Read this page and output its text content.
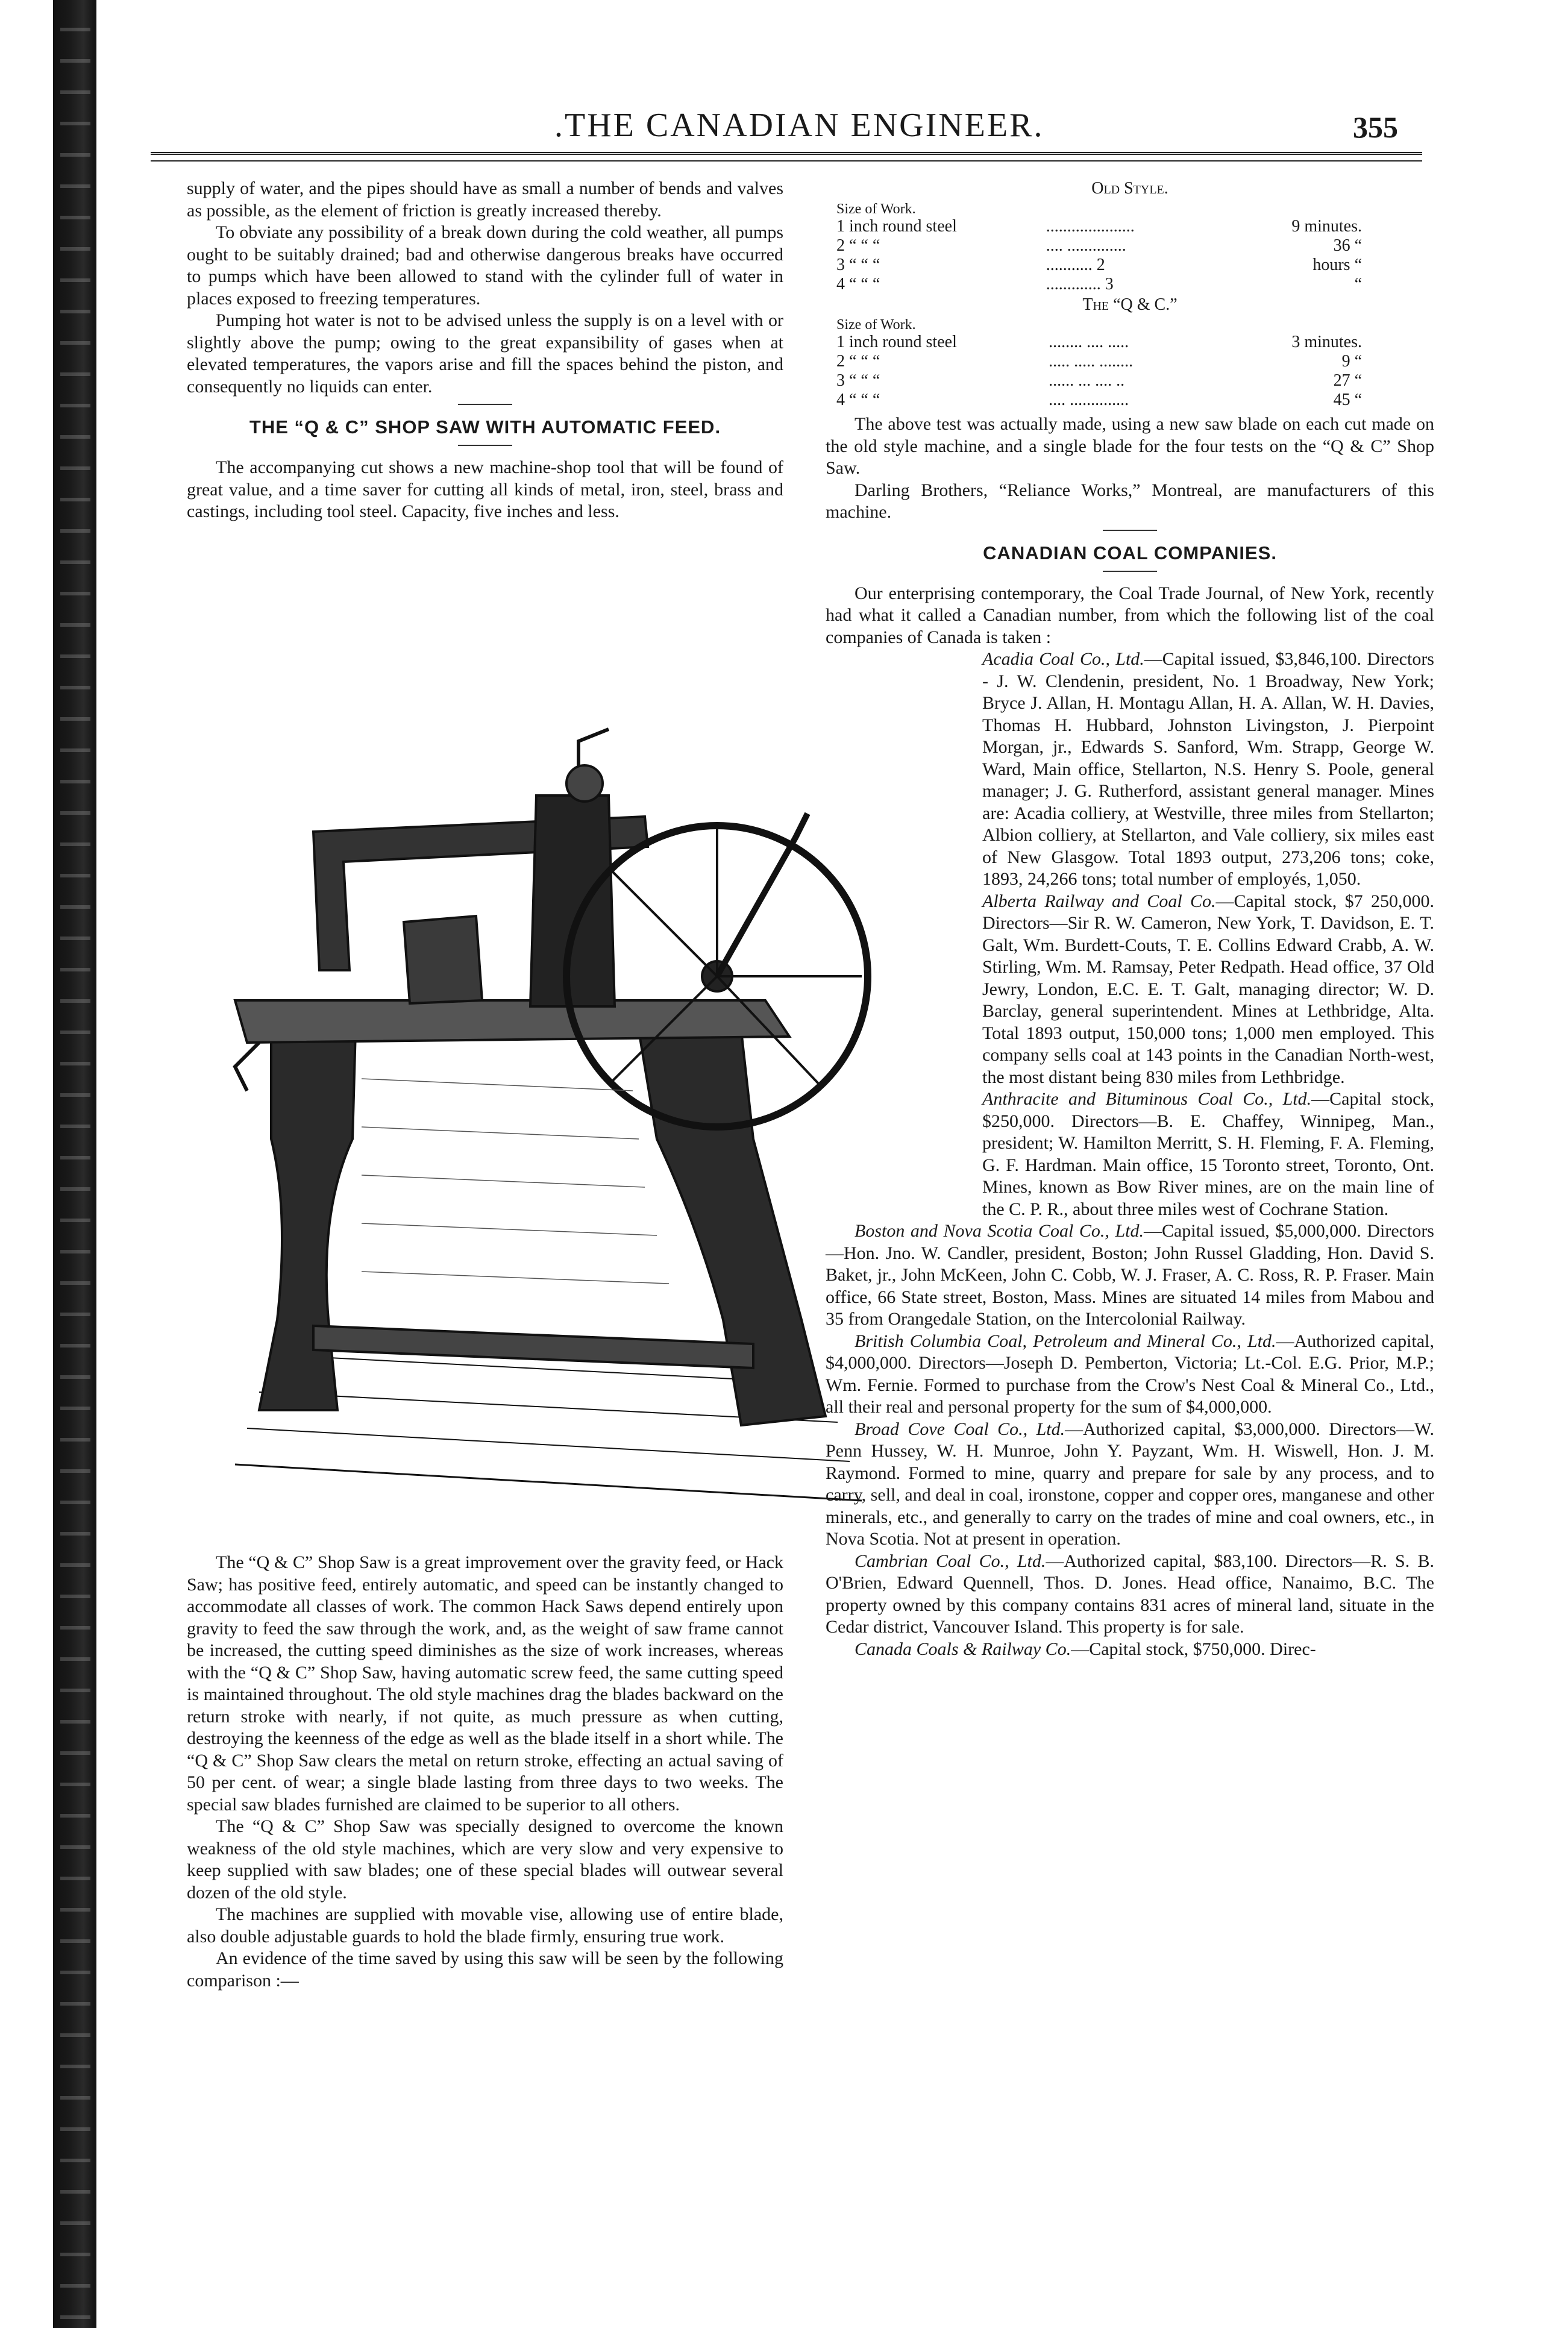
.THE CANADIAN ENGINEER.	355

supply of water, and the pipes should have as small a number of bends and valves as possible, as the element of friction is greatly increased thereby.

To obviate any possibility of a break down during the cold weather, all pumps ought to be suitably drained; bad and otherwise dangerous breaks have occurred to pumps which have been allowed to stand with the cylinder full of water in places exposed to freezing temperatures.

Pumping hot water is not to be advised unless the supply is on a level with or slightly above the pump; owing to the great expansibility of gases when at elevated temperatures, the vapors arise and fill the spaces behind the piston, and consequently no liquids can enter.

THE “Q & C” SHOP SAW WITH AUTOMATIC FEED.

The accompanying cut shows a new machine-shop tool that will be found of great value, and a time saver for cutting all kinds of metal, iron, steel, brass and castings, including tool steel. Capacity, five inches and less.

The “Q & C” Shop Saw is a great improvement over the gravity feed, or Hack Saw; has positive feed, entirely automatic, and speed can be instantly changed to accommodate all classes of work. The common Hack Saws depend entirely upon gravity to feed the saw through the work, and, as the weight of saw frame cannot be increased, the cutting speed diminishes as the size of work increases, whereas with the “Q & C” Shop Saw, having automatic screw feed, the same cutting speed is maintained throughout. The old style machines drag the blades backward on the return stroke with nearly, if not quite, as much pressure as when cutting, destroying the keenness of the edge as well as the blade itself in a short while. The “Q & C” Shop Saw clears the metal on return stroke, effecting an actual saving of 50 per cent. of wear; a single blade lasting from three days to two weeks. The special saw blades furnished are claimed to be superior to all others.

The “Q & C” Shop Saw was specially designed to overcome the known weakness of the old style machines, which are very slow and very expensive to keep supplied with saw blades; one of these special blades will outwear several dozen of the old style.

The machines are supplied with movable vise, allowing use of entire blade, also double adjustable guards to hold the blade firmly, ensuring true work.

An evidence of the time saved by using this saw will be seen by the following comparison :—

Old Style.
Size of Work.		
1 inch round steel	.....................	9 minutes.
2 “ “ “	.... ..............	36 “
3 “ “ “	........... 2	hours “
4 “ “ “	............. 3	“
The “Q & C.”
Size of Work.		
1 inch round steel	........ .... .....	3 minutes.
2 “ “ “	..... ..... ........	9 “
3 “ “ “	...... ... .... ..	27 “
4 “ “ “	.... ..............	45 “

The above test was actually made, using a new saw blade on each cut made on the old style machine, and a single blade for the four tests on the “Q & C” Shop Saw.

Darling Brothers, “Reliance Works,” Montreal, are manufacturers of this machine.

CANADIAN COAL COMPANIES.

Our enterprising contemporary, the Coal Trade Journal, of New York, recently had what it called a Canadian number, from which the following list of the coal companies of Canada is taken :

Acadia Coal Co., Ltd.—Capital issued, $3,846,100. Directors - J. W. Clendenin, president, No. 1 Broadway, New York; Bryce J. Allan, H. Montagu Allan, H. A. Allan, W. H. Davies, Thomas H. Hubbard, Johnston Livingston, J. Pierpoint Morgan, jr., Edwards S. Sanford, Wm. Strapp, George W. Ward, Main office, Stellarton, N.S. Henry S. Poole, general manager; J. G. Rutherford, assistant general manager. Mines are: Acadia colliery, at Westville, three miles from Stellarton; Albion colliery, at Stellarton, and Vale colliery, six miles east of New Glasgow. Total 1893 output, 273,206 tons; coke, 1893, 24,266 tons; total number of employés, 1,050.

Alberta Railway and Coal Co.—Capital stock, $7 250,000. Directors—Sir R. W. Cameron, New York, T. Davidson, E. T. Galt, Wm. Burdett-Couts, T. E. Collins Edward Crabb, A. W. Stirling, Wm. M. Ramsay, Peter Redpath. Head office, 37 Old Jewry, London, E.C. E. T. Galt, managing director; W. D. Barclay, general superintendent. Mines at Lethbridge, Alta. Total 1893 output, 150,000 tons; 1,000 men employed. This company sells coal at 143 points in the Canadian North-west, the most distant being 830 miles from Lethbridge.

Anthracite and Bituminous Coal Co., Ltd.—Capital stock, $250,000. Directors—B. E. Chaffey, Winnipeg, Man., president; W. Hamilton Merritt, S. H. Fleming, F. A. Fleming, G. F. Hardman. Main office, 15 Toronto street, Toronto, Ont. Mines, known as Bow River mines, are on the main line of the C. P. R., about three miles west of Cochrane Station.

Boston and Nova Scotia Coal Co., Ltd.—Capital issued, $5,000,000. Directors—Hon. Jno. W. Candler, president, Boston; John Russel Gladding, Hon. David S. Baket, jr., John McKeen, John C. Cobb, W. J. Fraser, A. C. Ross, R. P. Fraser. Main office, 66 State street, Boston, Mass. Mines are situated 14 miles from Mabou and 35 from Orangedale Station, on the Intercolonial Railway.

British Columbia Coal, Petroleum and Mineral Co., Ltd.—Authorized capital, $4,000,000. Directors—Joseph D. Pemberton, Victoria; Lt.-Col. E.G. Prior, M.P.; Wm. Fernie. Formed to purchase from the Crow's Nest Coal & Mineral Co., Ltd., all their real and personal property for the sum of $4,000,000.

Broad Cove Coal Co., Ltd.—Authorized capital, $3,000,000. Directors—W. Penn Hussey, W. H. Munroe, John Y. Payzant, Wm. H. Wiswell, Hon. J. M. Raymond. Formed to mine, quarry and prepare for sale by any process, and to carry, sell, and deal in coal, ironstone, copper and copper ores, manganese and other minerals, etc., and generally to carry on the trades of mine and coal owners, etc., in Nova Scotia. Not at present in operation.

Cambrian Coal Co., Ltd.—Authorized capital, $83,100. Directors—R. S. B. O'Brien, Edward Quennell, Thos. D. Jones. Head office, Nanaimo, B.C. The property owned by this company contains 831 acres of mineral land, situate in the Cedar district, Vancouver Island. This property is for sale.

Canada Coals & Railway Co.—Capital stock, $750,000. Direc-
